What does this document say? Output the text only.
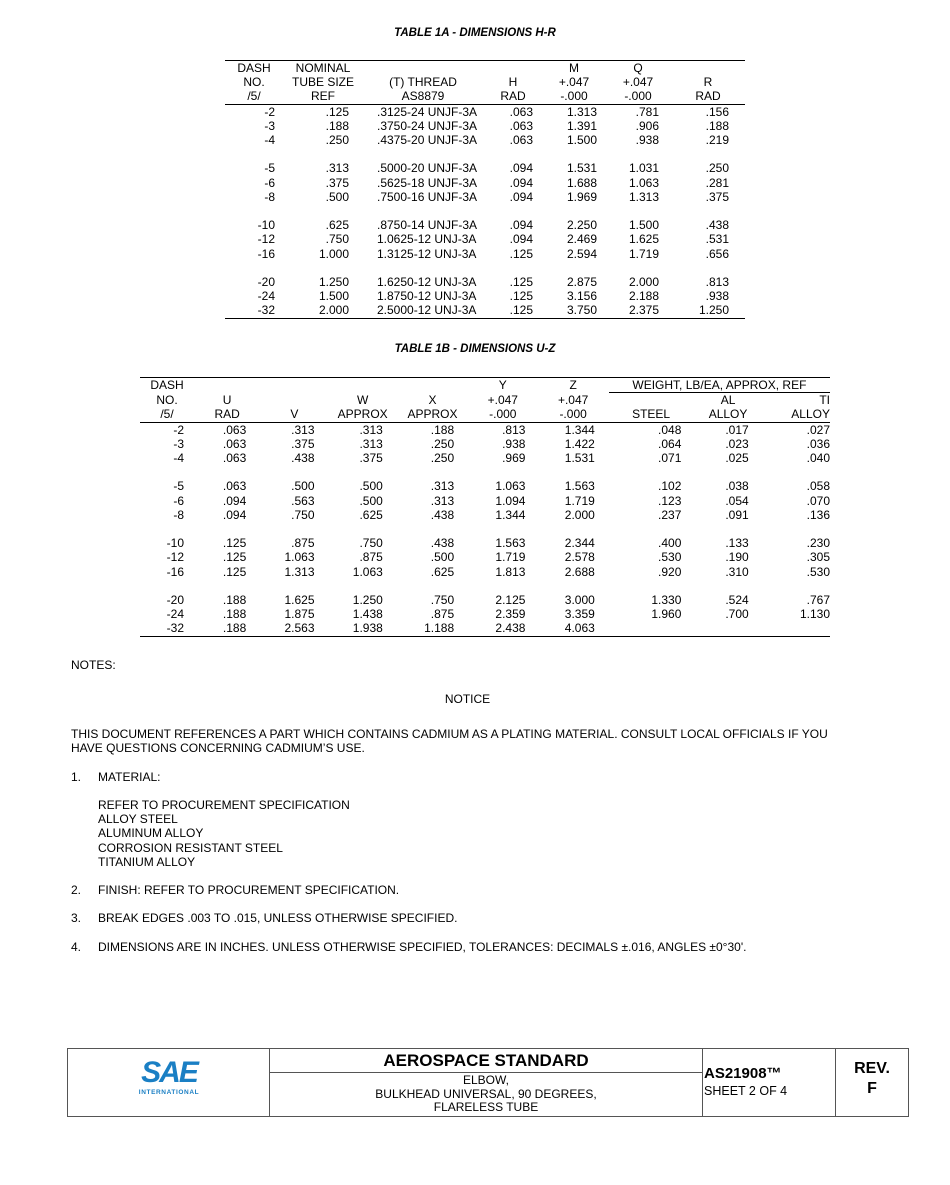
TABLE 1A - DIMENSIONS H-R
DASH	NOMINAL			M	Q	
NO.	TUBE SIZE	(T) THREAD	H	+.047	+.047	R
/5/	REF	AS8879	RAD	-.000	-.000	RAD
-2	.125	.3125-24 UNJF-3A	.063	1.313	.781	.156
-3	.188	.3750-24 UNJF-3A	.063	1.391	.906	.188
-4	.250	.4375-20 UNJF-3A	.063	1.500	.938	.219

-5	.313	.5000-20 UNJF-3A	.094	1.531	1.031	.250
-6	.375	.5625-18 UNJF-3A	.094	1.688	1.063	.281
-8	.500	.7500-16 UNJF-3A	.094	1.969	1.313	.375

-10	.625	.8750-14 UNJF-3A	.094	2.250	1.500	.438
-12	.750	1.0625-12 UNJ-3A	.094	2.469	1.625	.531
-16	1.000	1.3125-12 UNJ-3A	.125	2.594	1.719	.656

-20	1.250	1.6250-12 UNJ-3A	.125	2.875	2.000	.813
-24	1.500	1.8750-12 UNJ-3A	.125	3.156	2.188	.938
-32	2.000	2.5000-12 UNJ-3A	.125	3.750	2.375	1.250
TABLE 1B - DIMENSIONS U-Z
DASH					Y	Z	WEIGHT, LB/EA, APPROX, REF		
NO.	U		W	X	+.047	+.047		AL	TI
/5/	RAD	V	APPROX	APPROX	-.000	-.000	STEEL	ALLOY	ALLOY
-2	.063	.313	.313	.188	.813	1.344	.048	.017	.027
-3	.063	.375	.313	.250	.938	1.422	.064	.023	.036
-4	.063	.438	.375	.250	.969	1.531	.071	.025	.040

-5	.063	.500	.500	.313	1.063	1.563	.102	.038	.058
-6	.094	.563	.500	.313	1.094	1.719	.123	.054	.070
-8	.094	.750	.625	.438	1.344	2.000	.237	.091	.136

-10	.125	.875	.750	.438	1.563	2.344	.400	.133	.230
-12	.125	1.063	.875	.500	1.719	2.578	.530	.190	.305
-16	.125	1.313	1.063	.625	1.813	2.688	.920	.310	.530

-20	.188	1.625	1.250	.750	2.125	3.000	1.330	.524	.767
-24	.188	1.875	1.438	.875	2.359	3.359	1.960	.700	1.130
-32	.188	2.563	1.938	1.188	2.438	4.063			
NOTES:
NOTICE
THIS DOCUMENT REFERENCES A PART WHICH CONTAINS CADMIUM AS A PLATING MATERIAL. CONSULT LOCAL OFFICIALS IF YOU
HAVE QUESTIONS CONCERNING CADMIUM’S USE.
1. MATERIAL:
REFER TO PROCUREMENT SPECIFICATION
ALLOY STEEL
ALUMINUM ALLOY
CORROSION RESISTANT STEEL
TITANIUM ALLOY
2. FINISH: REFER TO PROCUREMENT SPECIFICATION.
3. BREAK EDGES .003 TO .015, UNLESS OTHERWISE SPECIFIED.
4. DIMENSIONS ARE IN INCHES. UNLESS OTHERWISE SPECIFIED, TOLERANCES: DECIMALS ±.016, ANGLES ±0°30'.
SAE
INTERNATIONAL
AEROSPACE STANDARD
ELBOW,
BULKHEAD UNIVERSAL, 90 DEGREES,
FLARELESS TUBE
AS21908™
SHEET 2 OF 4
REV.
F
